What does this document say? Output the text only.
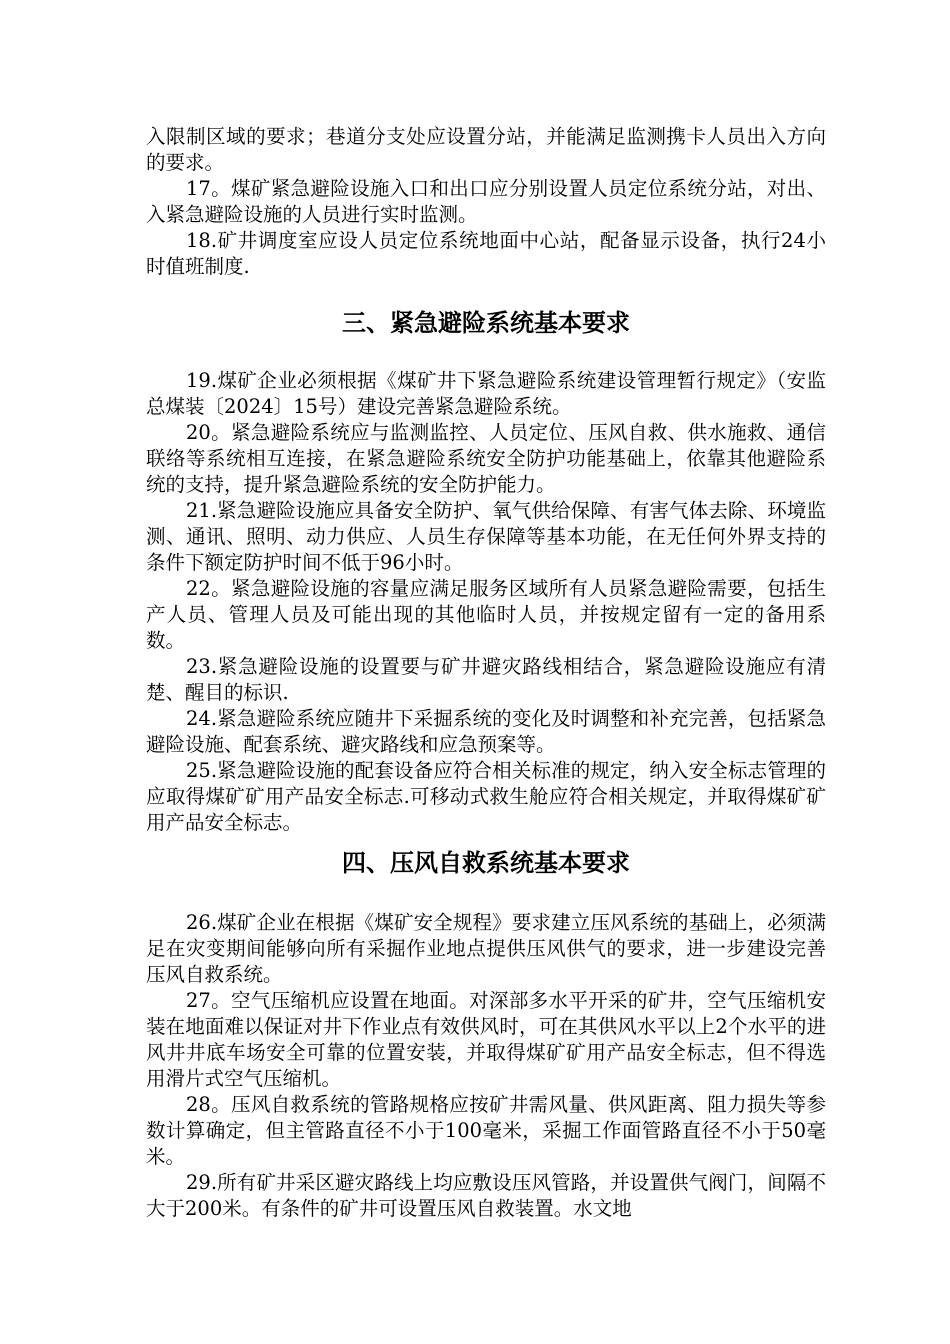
入限制区域的要求；巷道分支处应设置分站，并能满足监测携卡人员出入方向的要求。

17。煤矿紧急避险设施入口和出口应分别设置人员定位系统分站，对出、入紧急避险设施的人员进行实时监测。

18.矿井调度室应设人员定位系统地面中心站，配备显示设备，执行24小时值班制度.

三、紧急避险系统基本要求

19.煤矿企业必须根据《煤矿井下紧急避险系统建设管理暂行规定》（安监总煤装〔2024〕15号）建设完善紧急避险系统。

20。紧急避险系统应与监测监控、人员定位、压风自救、供水施救、通信联络等系统相互连接，在紧急避险系统安全防护功能基础上，依靠其他避险系统的支持，提升紧急避险系统的安全防护能力。

21.紧急避险设施应具备安全防护、氧气供给保障、有害气体去除、环境监测、通讯、照明、动力供应、人员生存保障等基本功能，在无任何外界支持的条件下额定防护时间不低于96小时。

22。紧急避险设施的容量应满足服务区域所有人员紧急避险需要，包括生产人员、管理人员及可能出现的其他临时人员，并按规定留有一定的备用系数。

23.紧急避险设施的设置要与矿井避灾路线相结合，紧急避险设施应有清楚、醒目的标识.

24.紧急避险系统应随井下采掘系统的变化及时调整和补充完善，包括紧急避险设施、配套系统、避灾路线和应急预案等。

25.紧急避险设施的配套设备应符合相关标准的规定，纳入安全标志管理的应取得煤矿矿用产品安全标志.可移动式救生舱应符合相关规定，并取得煤矿矿用产品安全标志。

四、压风自救系统基本要求

26.煤矿企业在根据《煤矿安全规程》要求建立压风系统的基础上，必须满足在灾变期间能够向所有采掘作业地点提供压风供气的要求，进一步建设完善压风自救系统。

27。空气压缩机应设置在地面。对深部多水平开采的矿井，空气压缩机安装在地面难以保证对井下作业点有效供风时，可在其供风水平以上2个水平的进风井井底车场安全可靠的位置安装，并取得煤矿矿用产品安全标志，但不得选用滑片式空气压缩机。

28。压风自救系统的管路规格应按矿井需风量、供风距离、阻力损失等参数计算确定，但主管路直径不小于100毫米，采掘工作面管路直径不小于50毫米。

29.所有矿井采区避灾路线上均应敷设压风管路，并设置供气阀门，间隔不大于200米。有条件的矿井可设置压风自救装置。水文地
